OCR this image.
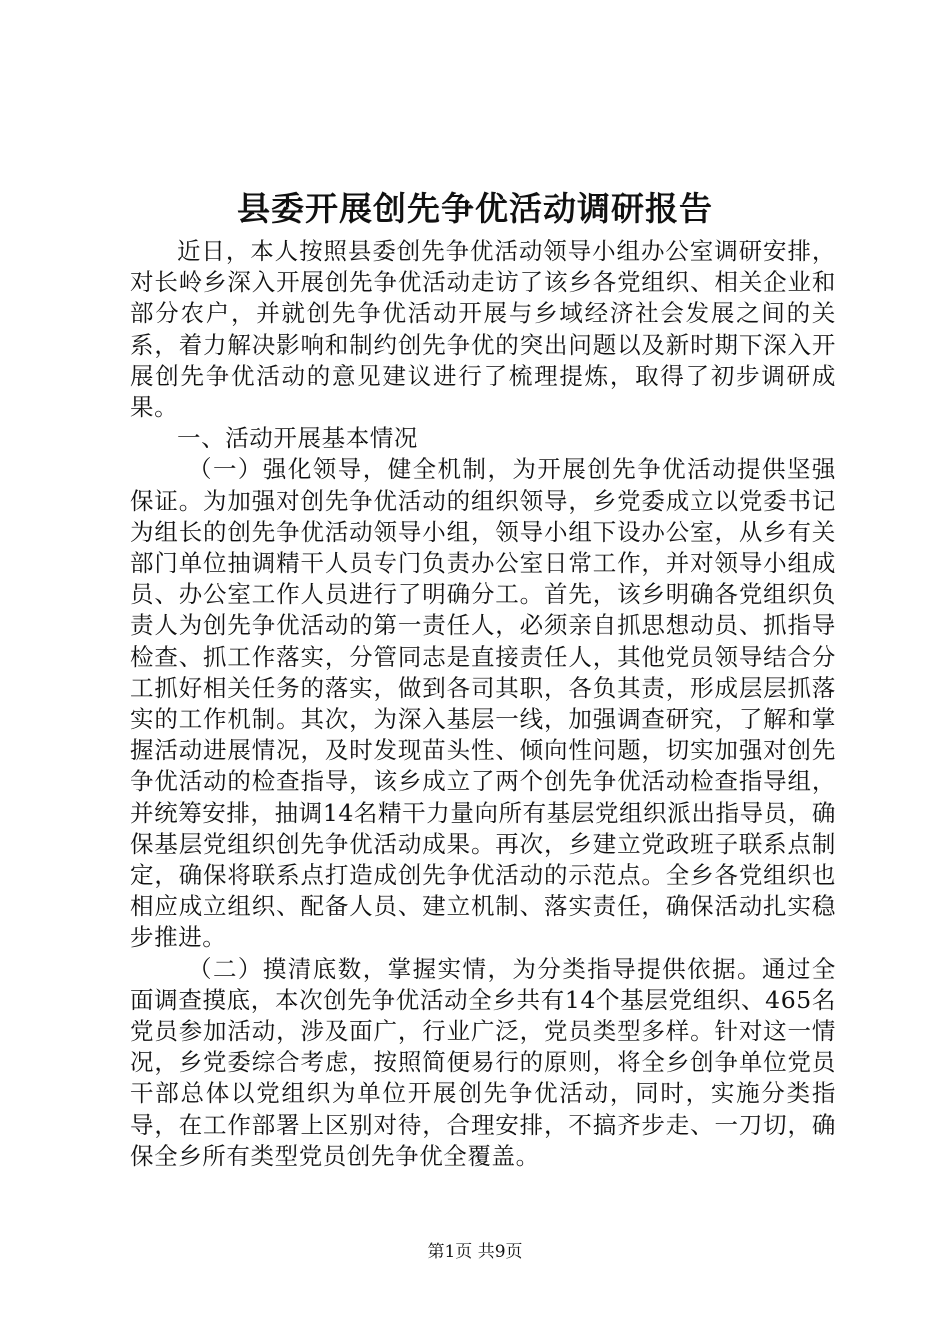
县委开展创先争优活动调研报告

近日，本人按照县委创先争优活动领导小组办公室调研安排，对长岭乡深入开展创先争优活动走访了该乡各党组织、相关企业和部分农户，并就创先争优活动开展与乡域经济社会发展之间的关系，着力解决影响和制约创先争优的突出问题以及新时期下深入开展创先争优活动的意见建议进行了梳理提炼，取得了初步调研成果。

一、活动开展基本情况

（一）强化领导，健全机制，为开展创先争优活动提供坚强保证。为加强对创先争优活动的组织领导，乡党委成立以党委书记为组长的创先争优活动领导小组，领导小组下设办公室，从乡有关部门单位抽调精干人员专门负责办公室日常工作，并对领导小组成员、办公室工作人员进行了明确分工。首先，该乡明确各党组织负责人为创先争优活动的第一责任人，必须亲自抓思想动员、抓指导检查、抓工作落实，分管同志是直接责任人，其他党员领导结合分工抓好相关任务的落实，做到各司其职，各负其责，形成层层抓落实的工作机制。其次，为深入基层一线，加强调查研究，了解和掌握活动进展情况，及时发现苗头性、倾向性问题，切实加强对创先争优活动的检查指导，该乡成立了两个创先争优活动检查指导组，并统筹安排，抽调14名精干力量向所有基层党组织派出指导员，确保基层党组织创先争优活动成果。再次，乡建立党政班子联系点制定，确保将联系点打造成创先争优活动的示范点。全乡各党组织也相应成立组织、配备人员、建立机制、落实责任，确保活动扎实稳步推进。

（二）摸清底数，掌握实情，为分类指导提供依据。通过全面调查摸底，本次创先争优活动全乡共有14个基层党组织、465名党员参加活动，涉及面广，行业广泛，党员类型多样。针对这一情况，乡党委综合考虑，按照简便易行的原则，将全乡创争单位党员干部总体以党组织为单位开展创先争优活动，同时，实施分类指导，在工作部署上区别对待，合理安排，不搞齐步走、一刀切，确保全乡所有类型党员创先争优全覆盖。

第1页 共9页
